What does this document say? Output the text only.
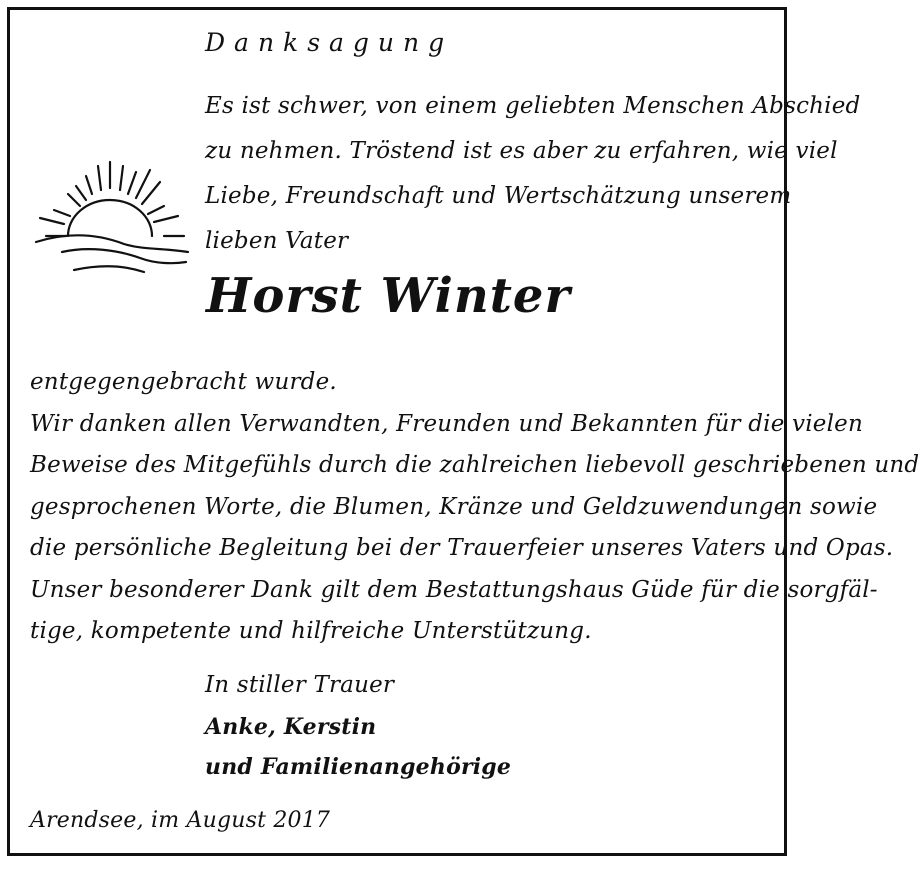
Danksagung
Es ist schwer, von einem geliebten Menschen Abschied
zu nehmen. Tröstend ist es aber zu erfahren, wie viel
Liebe, Freundschaft und Wertschätzung unserem
lieben Vater
Horst Winter
entgegengebracht wurde.
Wir danken allen Verwandten, Freunden und Bekannten für die vielen
Beweise des Mitgefühls durch die zahlreichen liebevoll geschriebenen und
gesprochenen Worte, die Blumen, Kränze und Geldzuwendungen sowie
die persönliche Begleitung bei der Trauerfeier unseres Vaters und Opas.
Unser besonderer Dank gilt dem Bestattungshaus Güde für die sorgfäl-
tige, kompetente und hilfreiche Unterstützung.
In stiller Trauer
Anke, Kerstin
und Familienangehörige
Arendsee, im August 2017
